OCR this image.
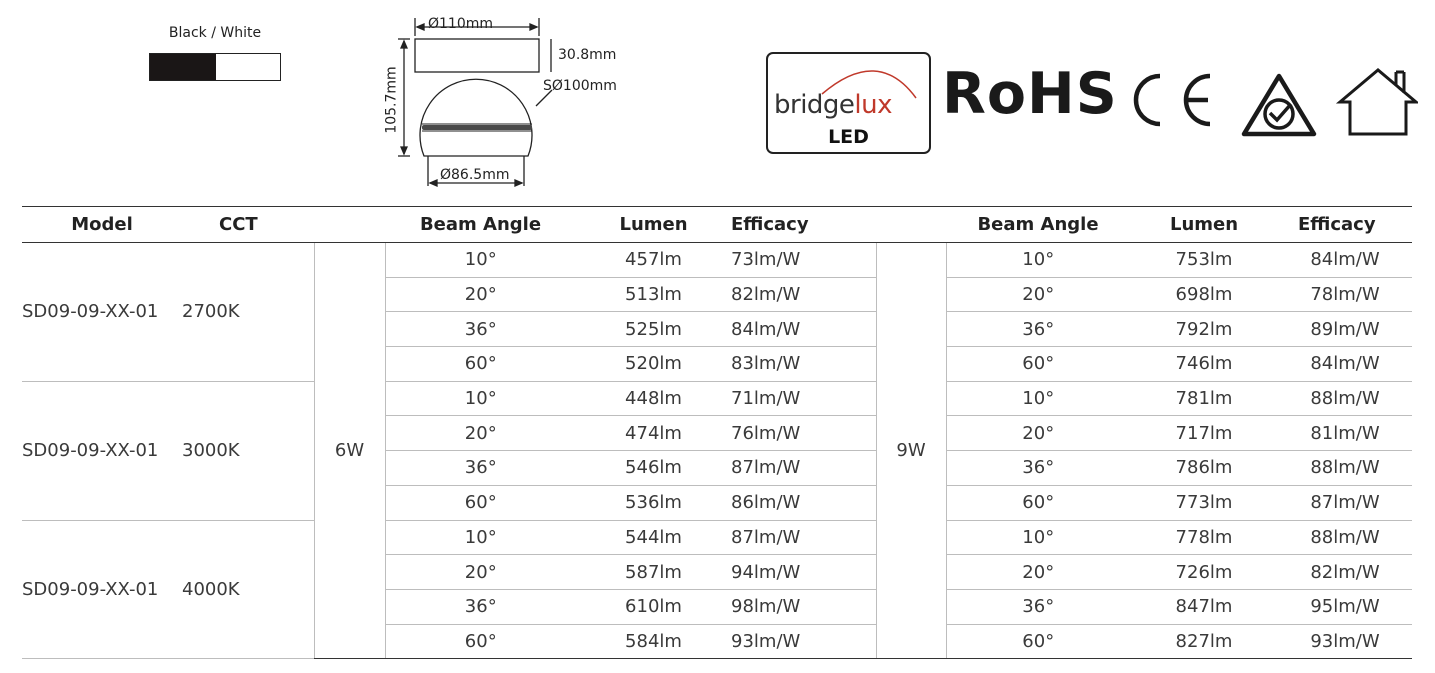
Black / White
Ø110mm
30.8mm
SØ100mm
105.7mm
Ø86.5mm
bridgelux
LED
RoHS
Model	CCT		Beam Angle	Lumen	Efficacy		Beam Angle	Lumen	Efficacy
SD09-09-XX-01	2700K	6W	10°	457lm	73lm/W	9W	10°	753lm	84lm/W
			20°	513lm	82lm/W		20°	698lm	78lm/W
			36°	525lm	84lm/W		36°	792lm	89lm/W
			60°	520lm	83lm/W		60°	746lm	84lm/W
SD09-09-XX-01	3000K		10°	448lm	71lm/W		10°	781lm	88lm/W
			20°	474lm	76lm/W		20°	717lm	81lm/W
			36°	546lm	87lm/W		36°	786lm	88lm/W
			60°	536lm	86lm/W		60°	773lm	87lm/W
SD09-09-XX-01	4000K		10°	544lm	87lm/W		10°	778lm	88lm/W
			20°	587lm	94lm/W		20°	726lm	82lm/W
			36°	610lm	98lm/W		36°	847lm	95lm/W
			60°	584lm	93lm/W		60°	827lm	93lm/W
